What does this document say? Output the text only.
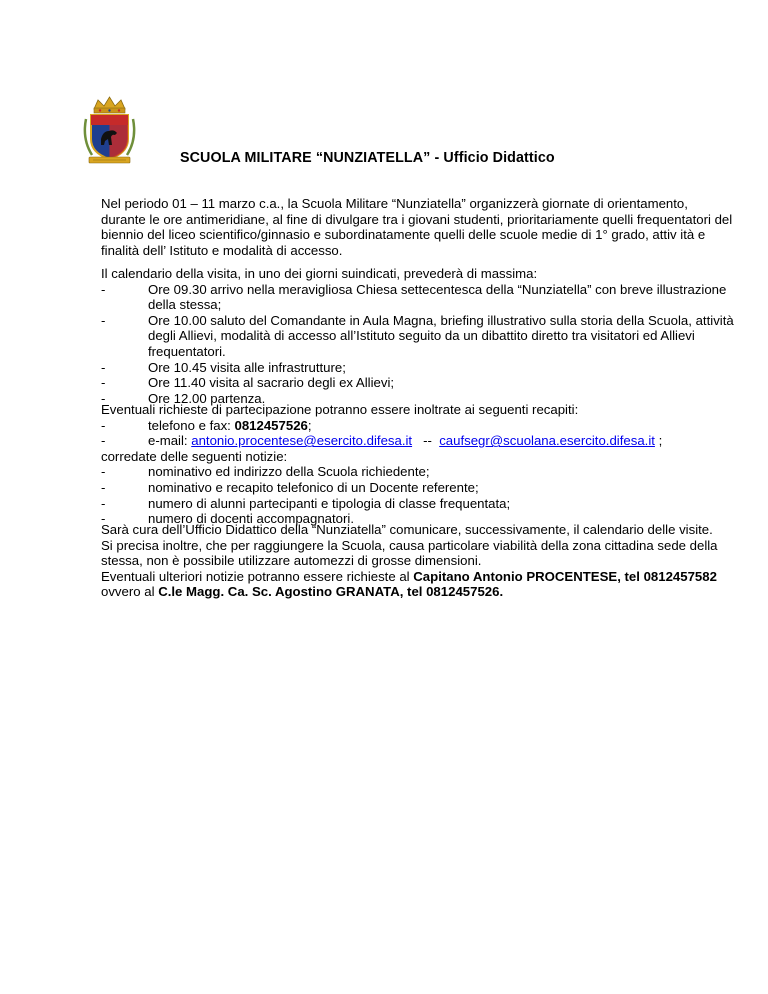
SCUOLA MILITARE “NUNZIATELLA” - Ufficio Didattico
Nel periodo 01 – 11 marzo c.a., la Scuola Militare “Nunziatella” organizzerà giornate di orientamento,
durante le ore antimeridiane, al fine di divulgare tra i giovani studenti, prioritariamente quelli frequentatori del
biennio del liceo scientifico/ginnasio e subordinatamente quelli delle scuole medie di 1° grado, attiv ità e
finalità dell’ Istituto e modalità di accesso.
Il calendario della visita, in uno dei giorni suindicati, prevederà di massima:
-	Ore 09.30 arrivo nella meravigliosa Chiesa settecentesca della “Nunziatella” con breve illustrazione
della stessa;
-	Ore 10.00 saluto del Comandante in Aula Magna, briefing illustrativo sulla storia della Scuola, attività
degli Allievi, modalità di accesso all’Istituto seguito da un dibattito diretto tra visitatori ed Allievi
frequentatori.
-	Ore 10.45 visita alle infrastrutture;
-	Ore 11.40 visita al sacrario degli ex Allievi;
-	Ore 12.00 partenza.
Eventuali richieste di partecipazione potranno essere inoltrate ai seguenti recapiti:
-	telefono e fax: 0812457526;
-	e-mail: antonio.procentese@esercito.difesa.it   --  caufsegr@scuolana.esercito.difesa.it ;
corredate delle seguenti notizie:
-	nominativo ed indirizzo della Scuola richiedente;
-	nominativo e recapito telefonico di un Docente referente;
-	numero di alunni partecipanti e tipologia di classe frequentata;
-	numero di docenti accompagnatori.
Sarà cura dell’Ufficio Didattico della “Nunziatella” comunicare, successivamente, il calendario delle visite.
Si precisa inoltre, che per raggiungere la Scuola, causa particolare viabilità della zona cittadina sede della
stessa, non è possibile utilizzare automezzi di grosse dimensioni.
Eventuali ulteriori notizie potranno essere richieste al Capitano Antonio PROCENTESE, tel 0812457582
ovvero al C.le Magg. Ca. Sc. Agostino GRANATA, tel 0812457526.
